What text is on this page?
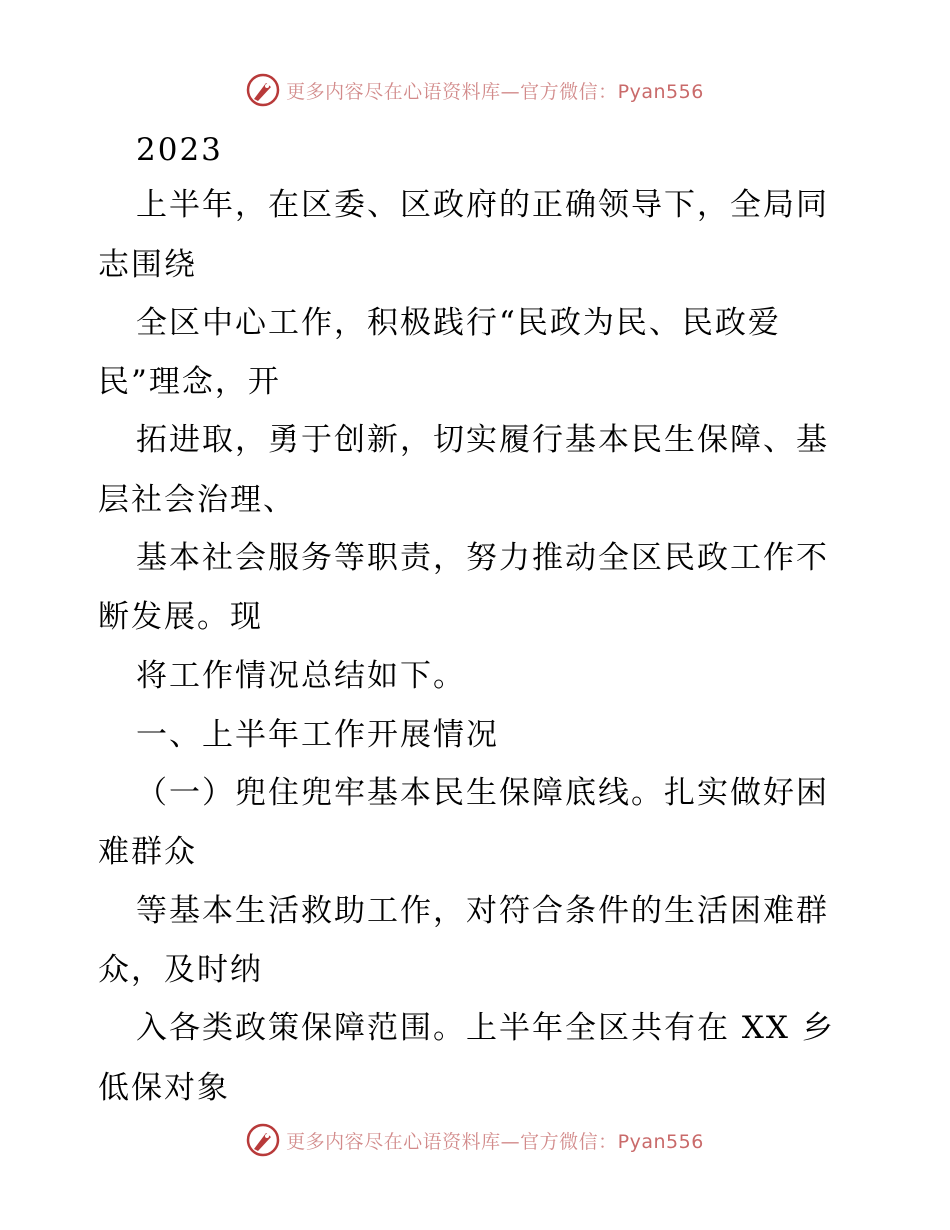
更多内容尽在心语资料库—官方微信：Pyan556
2023
上半年，在区委、区政府的正确领导下，全局同
志围绕
全区中心工作，积极践行“民政为民、民政爱
民”理念，开
拓进取，勇于创新，切实履行基本民生保障、基
层社会治理、
基本社会服务等职责，努力推动全区民政工作不
断发展。现
将工作情况总结如下。
一、上半年工作开展情况
（一）兜住兜牢基本民生保障底线。扎实做好困
难群众
等基本生活救助工作，对符合条件的生活困难群
众，及时纳
入各类政策保障范围。上半年全区共有在 XX 乡
低保对象
更多内容尽在心语资料库—官方微信：Pyan556
